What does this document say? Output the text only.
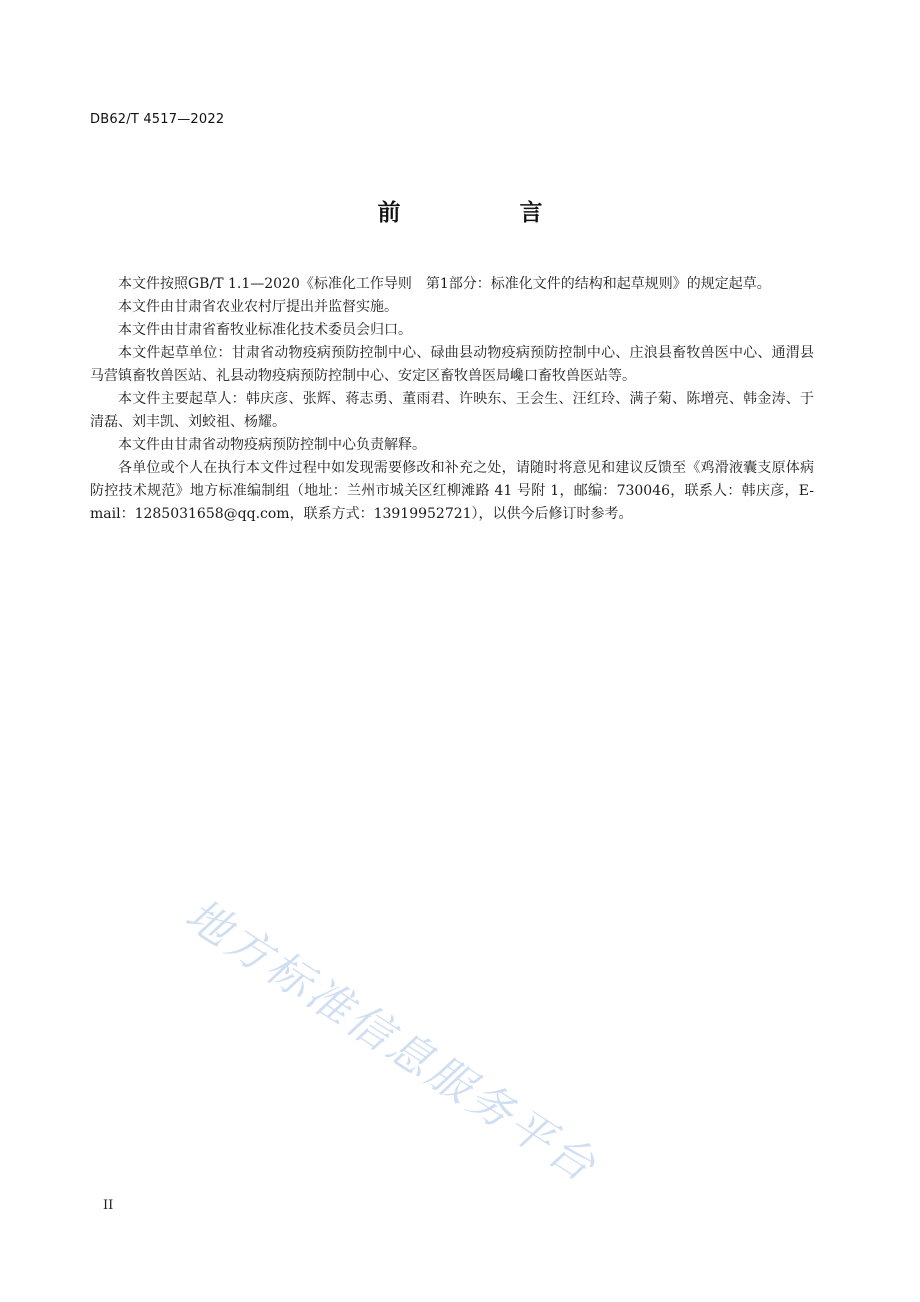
DB62/T 4517—2022
前　言

本文件按照GB/T 1.1—2020《标准化工作导则　第1部分：标准化文件的结构和起草规则》的规定起草。

本文件由甘肃省农业农村厅提出并监督实施。

本文件由甘肃省畜牧业标准化技术委员会归口。

本文件起草单位：甘肃省动物疫病预防控制中心、碌曲县动物疫病预防控制中心、庄浪县畜牧兽医中心、通渭县马营镇畜牧兽医站、礼县动物疫病预防控制中心、安定区畜牧兽医局巉口畜牧兽医站等。

本文件主要起草人：韩庆彦、张辉、蒋志勇、董雨君、许映东、王会生、汪红玲、满子菊、陈增亮、韩金涛、于清磊、刘丰凯、刘蛟祖、杨耀。

本文件由甘肃省动物疫病预防控制中心负责解释。

各单位或个人在执行本文件过程中如发现需要修改和补充之处，请随时将意见和建议反馈至《鸡滑液囊支原体病防控技术规范》地方标准编制组（地址：兰州市城关区红柳滩路 41 号附 1，邮编：730046，联系人：韩庆彦，E-mail：1285031658@qq.com，联系方式：13919952721），以供今后修订时参考。

地方标准信息服务平台
II
